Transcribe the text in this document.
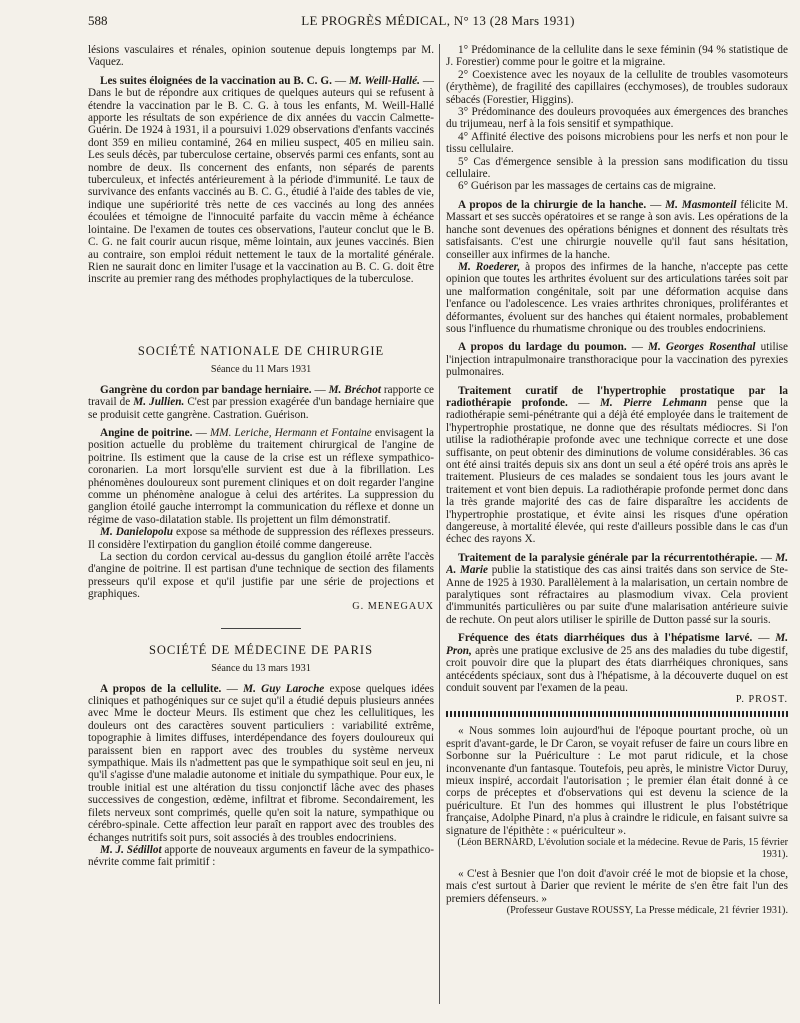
588	LE PROGRÈS MÉDICAL, N° 13 (28 Mars 1931)

lésions vasculaires et rénales, opinion soutenue depuis longtemps par M. Vaquez.

Les suites éloignées de la vaccination au B. C. G. — M. Weill-Hallé. — Dans le but de répondre aux critiques de quelques auteurs qui se refusent à étendre la vaccination par le B. C. G. à tous les enfants, M. Weill-Hallé apporte les résultats de son expérience de dix années du vaccin Calmette-Guérin. De 1924 à 1931, il a poursuivi 1.029 observations d'enfants vaccinés dont 359 en milieu contaminé, 264 en milieu suspect, 405 en milieu sain. Les seuls décès, par tuberculose certaine, observés parmi ces enfants, sont au nombre de deux. Ils concernent des enfants, non séparés de parents tuberculeux, et infectés antérieurement à la période d'immunité. Le taux de survivance des enfants vaccinés au B. C. G., étudié à l'aide des tables de vie, indique une supériorité très nette de ces vaccinés au long des années écoulées et témoigne de l'innocuité parfaite du vaccin même à échéance lointaine. De l'examen de toutes ces observations, l'auteur conclut que le B. C. G. ne fait courir aucun risque, même lointain, aux jeunes vaccinés. Bien au contraire, son emploi réduit nettement le taux de la mortalité générale. Rien ne saurait donc en limiter l'usage et la vaccination au B. C. G. doit être inscrite au premier rang des méthodes prophylactiques de la tuberculose.

SOCIÉTÉ NATIONALE DE CHIRURGIE
Séance du 11 Mars 1931

Gangrène du cordon par bandage herniaire. — M. Bréchot rapporte ce travail de M. Jullien. C'est par pression exagérée d'un bandage herniaire que se produisit cette gangrène. Castration. Guérison.

Angine de poitrine. — MM. Leriche, Hermann et Fontaine envisagent la position actuelle du problème du traitement chirurgical de l'angine de poitrine. Ils estiment que la cause de la crise est un réflexe sympathico-coronarien. La mort lorsqu'elle survient est due à la fibrillation. Les phénomènes douloureux sont purement cliniques et on doit regarder l'angine comme un phénomène analogue à celui des artérites. La suppression du ganglion étoilé gauche interrompt la communication du réflexe et donne un régime de vaso-dilatation stable. Ils projettent un film démonstratif.

M. Danielopolu expose sa méthode de suppression des réflexes presseurs. Il considère l'extirpation du ganglion étoilé comme dangereuse.

La section du cordon cervical au-dessus du ganglion étoilé arrête l'accès d'angine de poitrine. Il est partisan d'une technique de section des filaments presseurs qu'il expose et qu'il justifie par une série de projections et graphiques.

G. MENEGAUX
SOCIÉTÉ DE MÉDECINE DE PARIS
Séance du 13 mars 1931

A propos de la cellulite. — M. Guy Laroche expose quelques idées cliniques et pathogéniques sur ce sujet qu'il a étudié depuis plusieurs années avec Mme le docteur Meurs. Ils estiment que chez les cellulitiques, les douleurs ont des caractères souvent particuliers : variabilité extrême, topographie à limites diffuses, interdépendance des foyers douloureux qui paraissent bien en rapport avec des troubles du système nerveux sympathique. Mais ils n'admettent pas que le sympathique soit seul en jeu, ni qu'il s'agisse d'une maladie autonome et initiale du sympathique. Pour eux, le trouble initial est une altération du tissu conjonctif lâche avec des phases successives de congestion, œdème, infiltrat et fibrome. Secondairement, les filets nerveux sont comprimés, quelle qu'en soit la nature, sympathique ou cérébro-spinale. Cette affection leur paraît en rapport avec des troubles des échanges nutritifs soit purs, soit associés à des troubles endocriniens.

M. J. Sédillot apporte de nouveaux arguments en faveur de la sympathico-névrite comme fait primitif :

1° Prédominance de la cellulite dans le sexe féminin (94 % statistique de J. Forestier) comme pour le goitre et la migraine.

2° Coexistence avec les noyaux de la cellulite de troubles vasomoteurs (érythème), de fragilité des capillaires (ecchymoses), de troubles sudoraux sébacés (Forestier, Higgins).

3° Prédominance des douleurs provoquées aux émergences des branches du trijumeau, nerf à la fois sensitif et sympathique.

4° Affinité élective des poisons microbiens pour les nerfs et non pour le tissu cellulaire.

5° Cas d'émergence sensible à la pression sans modification du tissu cellulaire.

6° Guérison par les massages de certains cas de migraine.

A propos de la chirurgie de la hanche. — M. Masmonteil félicite M. Massart et ses succès opératoires et se range à son avis. Les opérations de la hanche sont devenues des opérations bénignes et donnent des résultats très satisfaisants. C'est une chirurgie nouvelle qu'il faut sans hésitation, conseiller aux infirmes de la hanche.

M. Roederer, à propos des infirmes de la hanche, n'accepte pas cette opinion que toutes les arthrites évoluent sur des articulations tarées soit par une malformation congénitale, soit par une déformation acquise dans l'enfance ou l'adolescence. Les vraies arthrites chroniques, proliférantes et déformantes, évoluent sur des hanches qui étaient normales, probablement sous l'influence du rhumatisme chronique ou des troubles endocriniens.

A propos du lardage du poumon. — M. Georges Rosenthal utilise l'injection intrapulmonaire transthoracique pour la vaccination des pyrexies pulmonaires.

Traitement curatif de l'hypertrophie prostatique par la radiothérapie profonde. — M. Pierre Lehmann pense que la radiothérapie semi-pénétrante qui a déjà été employée dans le traitement de l'hypertrophie prostatique, ne donne que des résultats médiocres. Si l'on utilise la radiothérapie profonde avec une technique correcte et une dose suffisante, on peut obtenir des diminutions de volume considérables. 36 cas ont été ainsi traités depuis six ans dont un seul a été opéré trois ans après le traitement. Plusieurs de ces malades se sondaient tous les jours avant le traitement et vont bien depuis. La radiothérapie profonde permet donc dans la très grande majorité des cas de faire disparaître les accidents de l'hypertrophie prostatique, et évite ainsi les risques d'une opération dangereuse, à mortalité élevée, qui reste d'ailleurs possible dans le cas d'un échec des rayons X.

Traitement de la paralysie générale par la récurrentothérapie. — M. A. Marie publie la statistique des cas ainsi traités dans son service de Ste-Anne de 1925 à 1930. Parallèlement à la malarisation, un certain nombre de paralytiques sont réfractaires au plasmodium vivax. Cela provient d'immunités particulières ou par suite d'une malarisation antérieure suivie de rechute. On peut alors utiliser le spirille de Dutton passé sur la souris.

Fréquence des états diarrhéiques dus à l'hépatisme larvé. — M. Pron, après une pratique exclusive de 25 ans des maladies du tube digestif, croit pouvoir dire que la plupart des états diarrhéiques chroniques, sans antécédents spéciaux, sont dus à l'hépatisme, à la découverte duquel on est conduit souvent par l'examen de la peau.

P. PROST.

« Nous sommes loin aujourd'hui de l'époque pourtant proche, où un esprit d'avant-garde, le Dr Caron, se voyait refuser de faire un cours libre en Sorbonne sur la Puériculture : Le mot parut ridicule, et la chose inconvenante d'un fantasque. Toutefois, peu après, le ministre Victor Duruy, mieux inspiré, accordait l'autorisation ; le premier élan était donné à ce corps de préceptes et d'observations qui est devenu la science de la puériculture. Et l'un des hommes qui illustrent le plus l'obstétrique française, Adolphe Pinard, n'a plus à craindre le ridicule, en faisant suivre sa signature de l'épithète : « puériculteur ».

(Léon BERNARD, L'évolution sociale et la médecine. Revue de Paris, 15 février 1931).

« C'est à Besnier que l'on doit d'avoir créé le mot de biopsie et la chose, mais c'est surtout à Darier que revient le mérite de s'en être fait l'un des premiers défenseurs. »

(Professeur Gustave ROUSSY, La Presse médicale, 21 février 1931).
